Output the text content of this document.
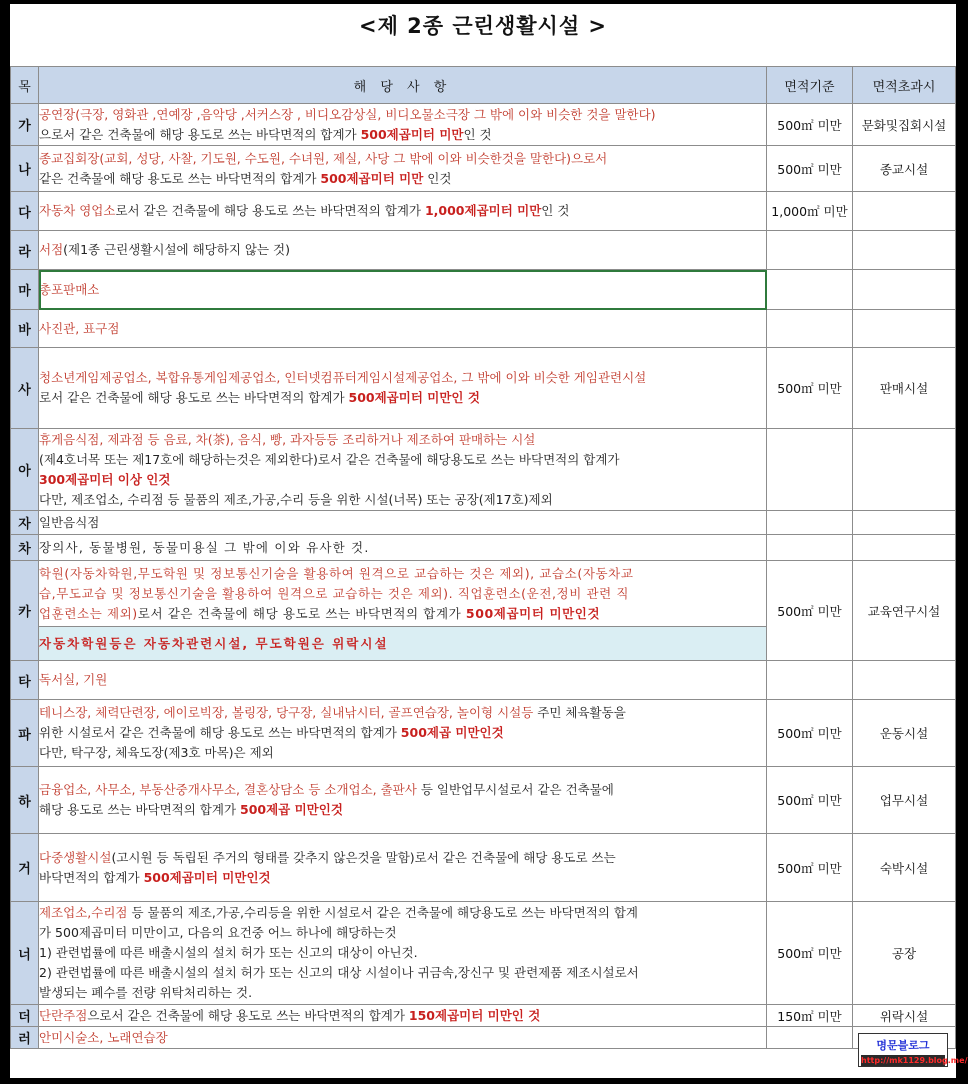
<제 2종 근린생활시설 >
목	해 당 사 항	면적기준	면적초과시
가	공연장(극장, 영화관 ,연예장 ,음악당 ,서커스장 , 비디오감상실, 비디오물소극장 그 밖에 이와 비슷한 것을 말한다)
으로서 같은 건축물에 해당 용도로 쓰는 바닥면적의 합계가 500제곱미터 미만인 것	500㎡ 미만	문화및집회시설
나	종교집회장(교회, 성당, 사찰, 기도원, 수도원, 수녀원, 제실, 사당 그 밖에 이와 비슷한것을 말한다)으로서
같은 건축물에 해당 용도로 쓰는 바닥면적의 합계가 500제곱미터 미만 인것	500㎡ 미만	종교시설
다	자동차 영업소로서 같은 건축물에 해당 용도로 쓰는 바닥면적의 합계가 1,000제곱미터 미만인 것	1,000㎡ 미만	
라	서점(제1종 근린생활시설에 해당하지 않는 것)		

마	총포판매소		

바	사진관, 표구점		

사	청소년게임제공업소, 복합유통게임제공업소, 인터넷컴퓨터게임시설제공업소, 그 밖에 이와 비슷한 게임관련시설
로서 같은 건축물에 해당 용도로 쓰는 바닥면적의 합계가 500제곱미터 미만인 것	500㎡ 미만	판매시설
아	휴게음식점, 제과점 등 음료, 차(茶), 음식, 빵, 과자등등 조리하거나 제조하여 판매하는 시설
(제4호너목 또는 제17호에 해당하는것은 제외한다)로서 같은 건축물에 해당용도로 쓰는 바닥면적의 합계가
300제곱미터 이상 인것
다만, 제조업소, 수리점 등 물품의 제조,가공,수리 등을 위한 시설(너목) 또는 공장(제17호)제외		

자	일반음식점		

차	장의사, 동물병원, 동물미용실 그 밖에 이와 유사한 것.		

카	학원(자동차학원,무도학원 및 정보통신기술을 활용하여 원격으로 교습하는 것은 제외), 교습소(자동차교
습,무도교습 및 정보통신기술을 활용하여 원격으로 교습하는 것은 제외). 직업훈련소(운전,정비 관련 직
업훈련소는 제외)로서 같은 건축물에 해당 용도로 쓰는 바닥면적의 합계가 500제곱미터 미만인것	500㎡ 미만	교육연구시설

	자동차학원등은 자동차관련시설, 무도학원은 위락시설		

타	독서실, 기원		

파	테니스장, 체력단련장, 에이로빅장, 볼링장, 당구장, 실내낚시터, 골프연습장, 놀이형 시설등 주민 체육활동을
위한 시설로서 같은 건축물에 해당 용도로 쓰는 바닥면적의 합계가 500제곱 미만인것
다만, 탁구장, 체육도장(제3호 마목)은 제외	500㎡ 미만	운동시설
하	금융업소, 사무소, 부동산중개사무소, 결혼상담소 등 소개업소, 출판사 등 일반업무시설로서 같은 건축물에
해당 용도로 쓰는 바닥면적의 합계가 500제곱 미만인것	500㎡ 미만	업무시설
거	다중생활시설(고시원 등 독립된 주거의 형태를 갖추지 않은것을 말함)로서 같은 건축물에 해당 용도로 쓰는
바닥면적의 합계가 500제곱미터 미만인것	500㎡ 미만	숙박시설
너	제조업소,수리점 등 물품의 제조,가공,수리등을 위한 시설로서 같은 건축물에 해당용도로 쓰는 바닥면적의 합계
가 500제곱미터 미만이고, 다음의 요건중 어느 하나에 해당하는것
1) 관련법률에 따른 배출시설의 설치 허가 또는 신고의 대상이 아닌것.
2) 관련법률에 따른 배출시설의 설치 허가 또는 신고의 대상 시설이나 귀금속,장신구 및 관련제품 제조시설로서
발생되는 폐수를 전량 위탁처리하는 것.	500㎡ 미만	공장
더	단란주점으로서 같은 건축물에 해당 용도로 쓰는 바닥면적의 합계가 150제곱미터 미만인 것	150㎡ 미만	위락시설
러	안미시술소, 노래연습장		

명문블로그
http://mk1129.blog.me/
